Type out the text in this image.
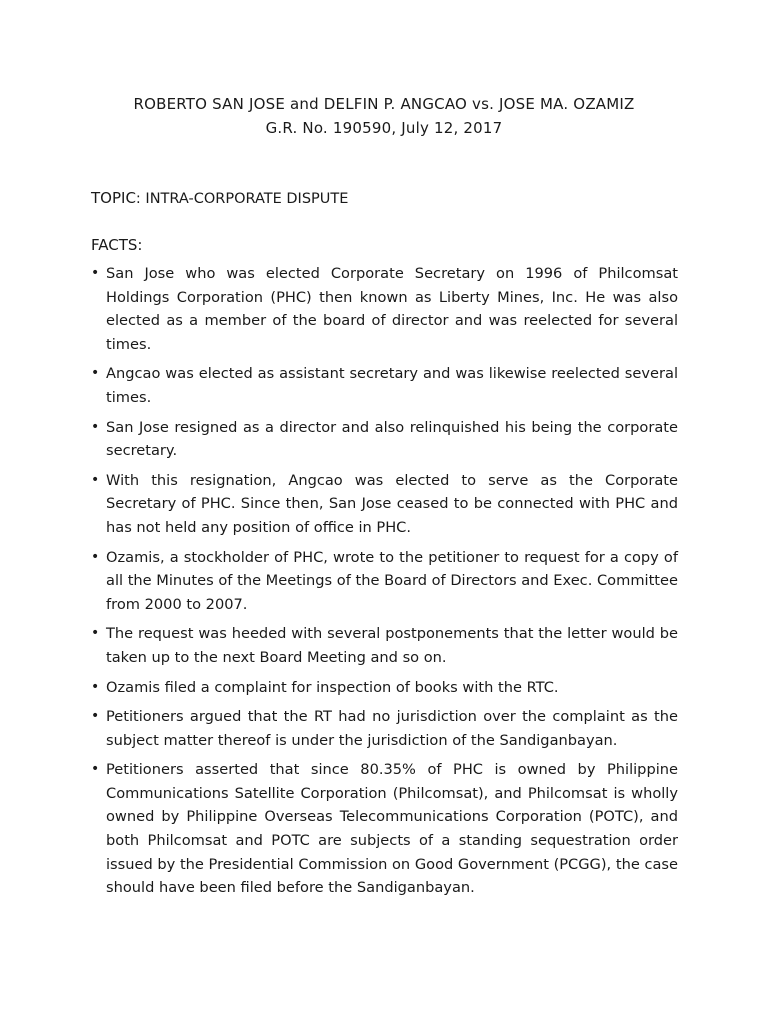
ROBERTO SAN JOSE and DELFIN P. ANGCAO vs. JOSE MA. OZAMIZ
G.R. No. 190590, July 12, 2017
TOPIC: INTRA-CORPORATE DISPUTE
FACTS:
• San Jose who was elected Corporate Secretary on 1996 of Philcomsat Holdings Corporation (PHC) then known as Liberty Mines, Inc. He was also elected as a member of the board of director and was reelected for several times.
• Angcao was elected as assistant secretary and was likewise reelected several times.
• San Jose resigned as a director and also relinquished his being the corporate secretary.
• With this resignation, Angcao was elected to serve as the Corporate Secretary of PHC. Since then, San Jose ceased to be connected with PHC and has not held any position of office in PHC.
• Ozamis, a stockholder of PHC, wrote to the petitioner to request for a copy of all the Minutes of the Meetings of the Board of Directors and Exec. Committee from 2000 to 2007.
• The request was heeded with several postponements that the letter would be taken up to the next Board Meeting and so on.
• Ozamis filed a complaint for inspection of books with the RTC.
• Petitioners argued that the RT had no jurisdiction over the complaint as the subject matter thereof is under the jurisdiction of the Sandiganbayan.
• Petitioners asserted that since 80.35% of PHC is owned by Philippine Communications Satellite Corporation (Philcomsat), and Philcomsat is wholly owned by Philippine Overseas Telecommunications Corporation (POTC), and both Philcomsat and POTC are subjects of a standing sequestration order issued by the Presidential Commission on Good Government (PCGG), the case should have been filed before the Sandiganbayan.
